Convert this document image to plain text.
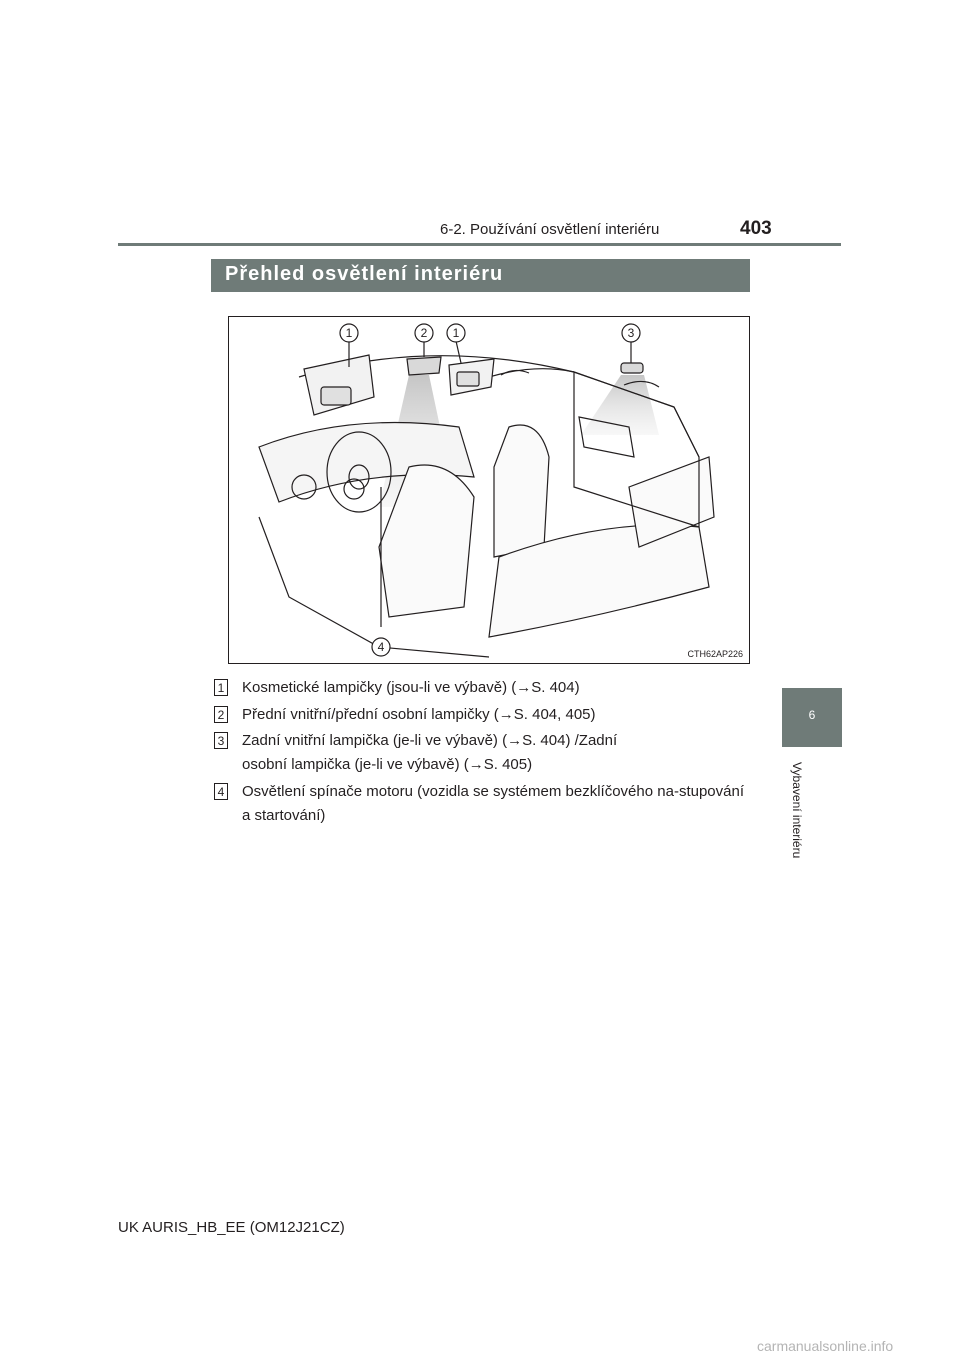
6-2. Používání osvětlení interiéru	403
Přehled osvětlení interiéru
6
Vybavení interiéru
1	2 1	3
4	CTH62AP226
1 Kosmetické lampičky (jsou-li ve výbavě) (→S. 404)
2 Přední vnitřní/přední osobní lampičky (→S. 404, 405)
3 Zadní vnitřní lampička (je-li ve výbavě) (→S. 404) /Zadní osobní lampička (je-li ve výbavě) (→S. 405)
4 Osvětlení spínače motoru (vozidla se systémem bezklíčového na-stupování a startování)
UK AURIS_HB_EE (OM12J21CZ)
carmanualsonline.info
